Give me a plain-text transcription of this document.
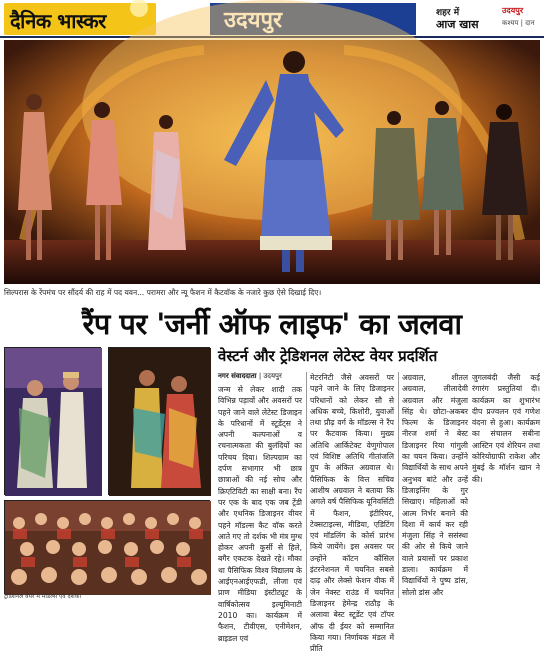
दैनिक भास्कर	उदयपुर	शहर में
आज खास
उदयपुर
कश्यप | दान
सिल्परास के रेंपमंच पर सौंदर्य की राह में पद यवन... परामरा और न्यू फैशन में कैटवॉक के नजारे कुछ ऐसे दिखाई दिए।
रैंप पर 'जर्नी ऑफ लाइफ' का जलवा
वेस्टर्न और ट्रेडिशनल लेटेस्ट वेयर प्रदर्शित
ट्रेडिशनल वेयर में मॉडल्स एवं दर्शक।
नगर संवाददाता | उदयपुर
जन्म से लेकर शादी तक विभिन्न पड़ावों और अवसरों पर पहने जाने वाले लेटेस्ट डिजाइन के परिधानों में स्टूडेंट्स ने अपनी कल्पनाओं व रचनात्मकता की बुलंदियों का परिचय दिया। शिल्पग्राम का दर्पण सभागार भी छात्र छात्राओं की नई सोच और क्रिएटिविटी का साक्षी बना। रैंप पर एक के बाद एक जब ट्रेंडी और एथनिक डिजाइनर वीयर पहने मॉडल्स कैट वॉक करते आते गए तो दर्शक भी मंत्र मुग्ध होकर अपनी कुर्सी से हिले, बगैर एकटक देखते रहे। मौका था पैसिफिक विश्व विद्यालय के आईएनआईएफडी, लीजा एवं प्राण मीडिया इंस्टीट्यूट के वार्षिकोत्सव इल्यूमिनाटी 2010 का। कार्यक्रम में फैशन, टीवीएस, एनीमेशन, ब्राइडल एवं
मेटरनिटी जैसे अवसरों पर पहने जाने के लिए डिजाइनर परिधानों को लेकर सौ से अधिक बच्चे, किशोरी, युवाओं तथा प्रौढ़ वर्ग के मॉडल्स ने रैंप पर कैटवाक किया। मुख्य अतिथि आर्किटेक्ट वेणुगोपाल एवं विशिष्ट अतिथि गीतांजलि ग्रुप के अंकित अग्रवाल थे। पैसिफिक के वित्त सचिव आशीष अग्रवाल ने बताया कि अगले वर्ष पैसिफिक यूनिवर्सिटी में फैशन, इंटीरियर, टेक्सटाइल्स, मीडिया, एडिटिंग एवं मॉडलिंग के कोर्स प्रारंभ किये जायेंगे। इस अवसर पर उन्होंने कॉटन कौंसिल इंटरनेशनल में चयनित सबसे दाढ़ और लेक्से फेशन वीक में जेन नेक्स्ट राउंड में चयनित डिजाइनर हेमेन्द्र राठौड़ के अलावा बेस्ट स्टूडेंट एवं टॉपर ऑफ दी ईयर को सम्मानित किया गया। निर्णायक मंडल में प्रीति
अग्रवाल, शीतल अग्रवाल, लीलादेवी अग्रवाल और मंजुला सिंह थे। छोटा-अकबर फिल्म के डिजाइनर नीरज शर्मा ने बेस्ट डिजाइनर रिया गांगुली का चयन किया। उन्होंने विद्यार्थियों के साथ अपने अनुभव बांटे और उन्हें डिजाइनिंग के गुर सिखाए। महिलाओं को आत्म निर्भर बनाने की दिशा में कार्य कर रही मंजुला सिंह ने ससंस्था की ओर से किये जाने वाले प्रयासों पर प्रकाश डाला। कार्यक्रम में विद्यार्थियों ने पुष्प डांस, सोलो डांस और
जुगलबंदी जैसी कई रंगारंग प्रस्तुतियां दी। कार्यक्रम का शुभारंभ दीप प्रज्वलन एवं गणेश वंदना से हुआ। कार्यक्रम का संचालन सबीना आस्टिन एवं शेरियन तथा कोरियोग्राफी राकेश और मुंबई के मॉर्शन खान ने की।
